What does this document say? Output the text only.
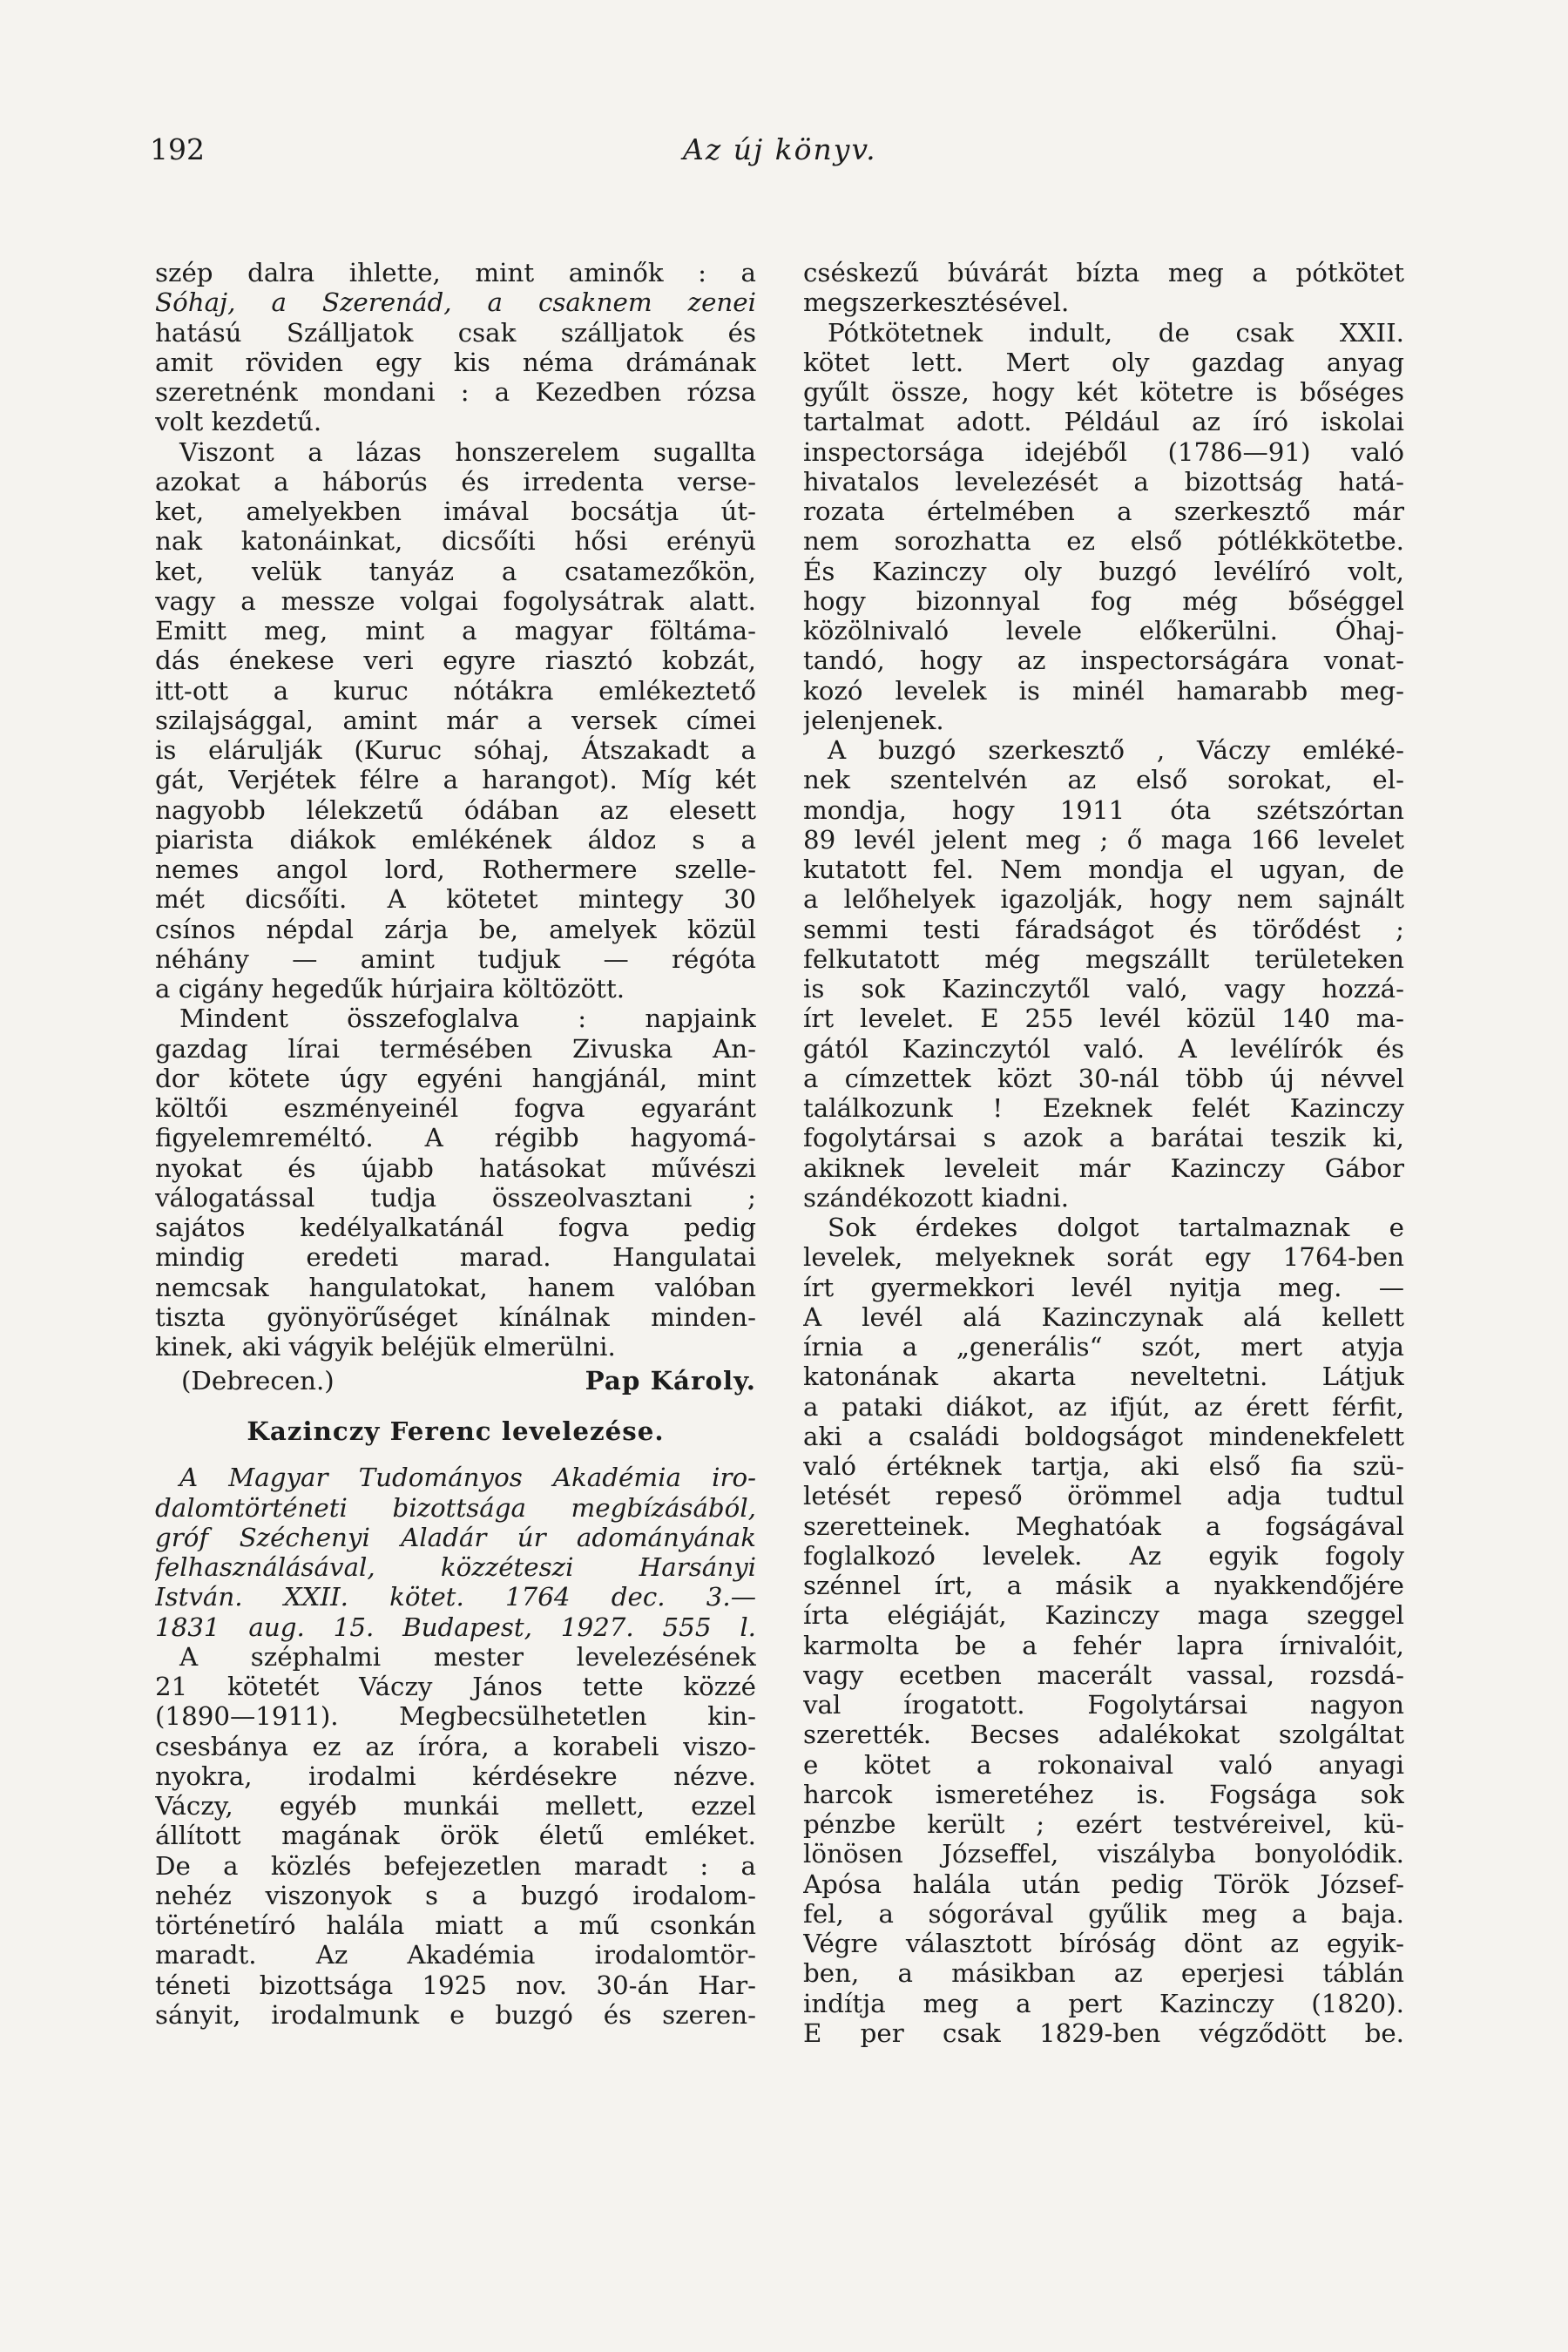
192	Az új könyv.
szép dalra ihlette, mint aminők : a
Sóhaj, a Szerenád, a csaknem zenei
hatású Szálljatok csak szálljatok és
amit röviden egy kis néma drámának
szeretnénk mondani : a Kezedben rózsa
volt kezdetű.
Viszont a lázas honszerelem sugallta
azokat a háborús és irredenta verse-
ket, amelyekben imával bocsátja út-
nak katonáinkat, dicsőíti hősi erényü
ket, velük tanyáz a csatamezőkön,
vagy a messze volgai fogolysátrak alatt.
Emitt meg, mint a magyar föltáma-
dás énekese veri egyre riasztó kobzát,
itt-ott a kuruc nótákra emlékeztető
szilajsággal, amint már a versek címei
is elárulják (Kuruc sóhaj, Átszakadt a
gát, Verjétek félre a harangot). Míg két
nagyobb lélekzetű ódában az elesett
piarista diákok emlékének áldoz s a
nemes angol lord, Rothermere szelle-
mét dicsőíti. A kötetet mintegy 30
csínos népdal zárja be, amelyek közül
néhány — amint tudjuk — régóta
a cigány hegedűk húrjaira költözött.
Mindent összefoglalva : napjaink
gazdag lírai termésében Zivuska An-
dor kötete úgy egyéni hangjánál, mint
költői eszményeinél fogva egyaránt
figyelemreméltó. A régibb hagyomá-
nyokat és újabb hatásokat művészi
válogatással tudja összeolvasztani ;
sajátos kedélyalkatánál fogva pedig
mindig eredeti marad. Hangulatai
nemcsak hangulatokat, hanem valóban
tiszta gyönyörűséget kínálnak minden-
kinek, aki vágyik beléjük elmerülni.
(Debrecen.)	Pap Károly.
Kazinczy Ferenc levelezése.
A Magyar Tudományos Akadémia iro-
dalomtörténeti bizottsága megbízásából,
gróf Széchenyi Aladár úr adományának
felhasználásával, közzéteszi Harsányi
István. XXII. kötet. 1764 dec. 3.—
1831 aug. 15. Budapest, 1927. 555 l.
A széphalmi mester levelezésének
21 kötetét Váczy János tette közzé
(1890—1911). Megbecsülhetetlen kin-
csesbánya ez az íróra, a korabeli viszo-
nyokra, irodalmi kérdésekre nézve.
Váczy, egyéb munkái mellett, ezzel
állított magának örök életű emléket.
De a közlés befejezetlen maradt : a
nehéz viszonyok s a buzgó irodalom-
történetíró halála miatt a mű csonkán
maradt. Az Akadémia irodalomtör-
téneti bizottsága 1925 nov. 30-án Har-
sányit, irodalmunk e buzgó és szeren-
cséskezű búvárát bízta meg a pótkötet
megszerkesztésével.
Pótkötetnek indult, de csak XXII.
kötet lett. Mert oly gazdag anyag
gyűlt össze, hogy két kötetre is bőséges
tartalmat adott. Például az író iskolai
inspectorsága idejéből (1786—91) való
hivatalos levelezését a bizottság hatá-
rozata értelmében a szerkesztő már
nem sorozhatta ez első pótlékkötetbe.
És Kazinczy oly buzgó levélíró volt,
hogy bizonnyal fog még bőséggel
közölnivaló levele előkerülni. Óhaj-
tandó, hogy az inspectorságára vonat-
kozó levelek is minél hamarabb meg-
jelenjenek.
A buzgó szerkesztő , Váczy emléké-
nek szentelvén az első sorokat, el-
mondja, hogy 1911 óta szétszórtan
89 levél jelent meg ; ő maga 166 levelet
kutatott fel. Nem mondja el ugyan, de
a lelőhelyek igazolják, hogy nem sajnált
semmi testi fáradságot és törődést ;
felkutatott még megszállt területeken
is sok Kazinczytől való, vagy hozzá-
írt levelet. E 255 levél közül 140 ma-
gától Kazinczytól való. A levélírók és
a címzettek közt 30-nál több új névvel
találkozunk ! Ezeknek felét Kazinczy
fogolytársai s azok a barátai teszik ki,
akiknek leveleit már Kazinczy Gábor
szándékozott kiadni.
Sok érdekes dolgot tartalmaznak e
levelek, melyeknek sorát egy 1764-ben
írt gyermekkori levél nyitja meg. —
A levél alá Kazinczynak alá kellett
írnia a „generális“ szót, mert atyja
katonának akarta neveltetni. Látjuk
a pataki diákot, az ifjút, az érett férfit,
aki a családi boldogságot mindenekfelett
való értéknek tartja, aki első fia szü-
letését repeső örömmel adja tudtul
szeretteinek. Meghatóak a fogságával
foglalkozó levelek. Az egyik fogoly
szénnel írt, a másik a nyakkendőjére
írta elégiáját, Kazinczy maga szeggel
karmolta be a fehér lapra írnivalóit,
vagy ecetben macerált vassal, rozsdá-
val írogatott. Fogolytársai nagyon
szerették. Becses adalékokat szolgáltat
e kötet a rokonaival való anyagi
harcok ismeretéhez is. Fogsága sok
pénzbe került ; ezért testvéreivel, kü-
lönösen Józseffel, viszályba bonyolódik.
Apósa halála után pedig Török József-
fel, a sógorával gyűlik meg a baja.
Végre választott bíróság dönt az egyik-
ben, a másikban az eperjesi táblán
indítja meg a pert Kazinczy (1820).
E per csak 1829-ben végződött be.
